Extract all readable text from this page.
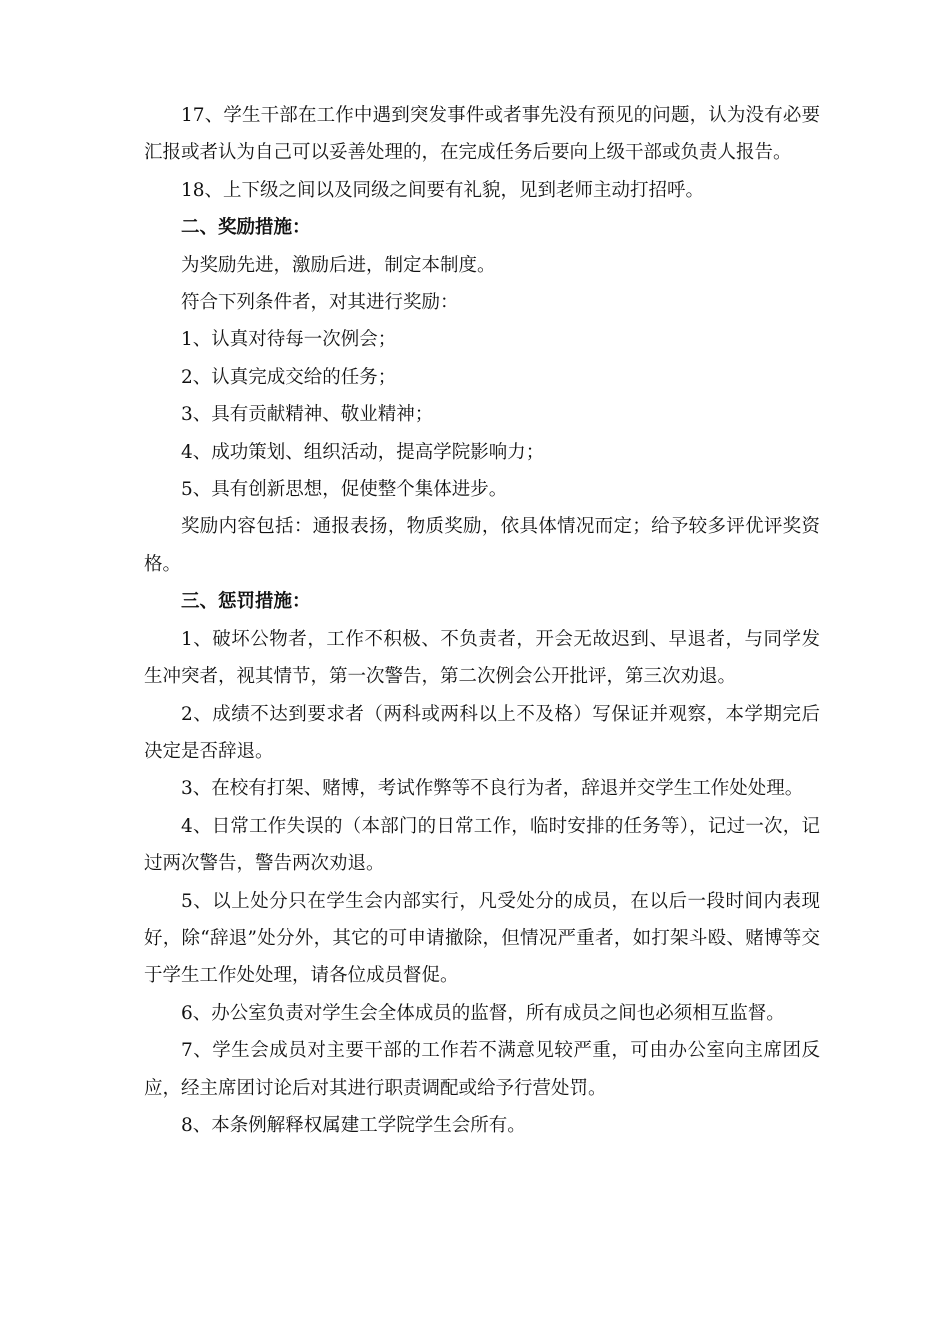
17、学生干部在工作中遇到突发事件或者事先没有预见的问题，认为没有必要汇报或者认为自己可以妥善处理的，在完成任务后要向上级干部或负责人报告。

18、上下级之间以及同级之间要有礼貌，见到老师主动打招呼。

二、奖励措施：

为奖励先进，激励后进，制定本制度。

符合下列条件者，对其进行奖励：

1、认真对待每一次例会；

2、认真完成交给的任务；

3、具有贡献精神、敬业精神；

4、成功策划、组织活动，提高学院影响力；

5、具有创新思想，促使整个集体进步。

奖励内容包括：通报表扬，物质奖励，依具体情况而定；给予较多评优评奖资格。

三、惩罚措施：

1、破坏公物者，工作不积极、不负责者，开会无故迟到、早退者，与同学发生冲突者，视其情节，第一次警告，第二次例会公开批评，第三次劝退。

2、成绩不达到要求者（两科或两科以上不及格）写保证并观察，本学期完后决定是否辞退。

3、在校有打架、赌博，考试作弊等不良行为者，辞退并交学生工作处处理。

4、日常工作失误的（本部门的日常工作，临时安排的任务等），记过一次，记过两次警告，警告两次劝退。

5、以上处分只在学生会内部实行，凡受处分的成员，在以后一段时间内表现好，除“辞退”处分外，其它的可申请撤除，但情况严重者，如打架斗殴、赌博等交于学生工作处处理，请各位成员督促。

6、办公室负责对学生会全体成员的监督，所有成员之间也必须相互监督。

7、学生会成员对主要干部的工作若不满意见较严重，可由办公室向主席团反应，经主席团讨论后对其进行职责调配或给予行营处罚。

8、本条例解释权属建工学院学生会所有。
